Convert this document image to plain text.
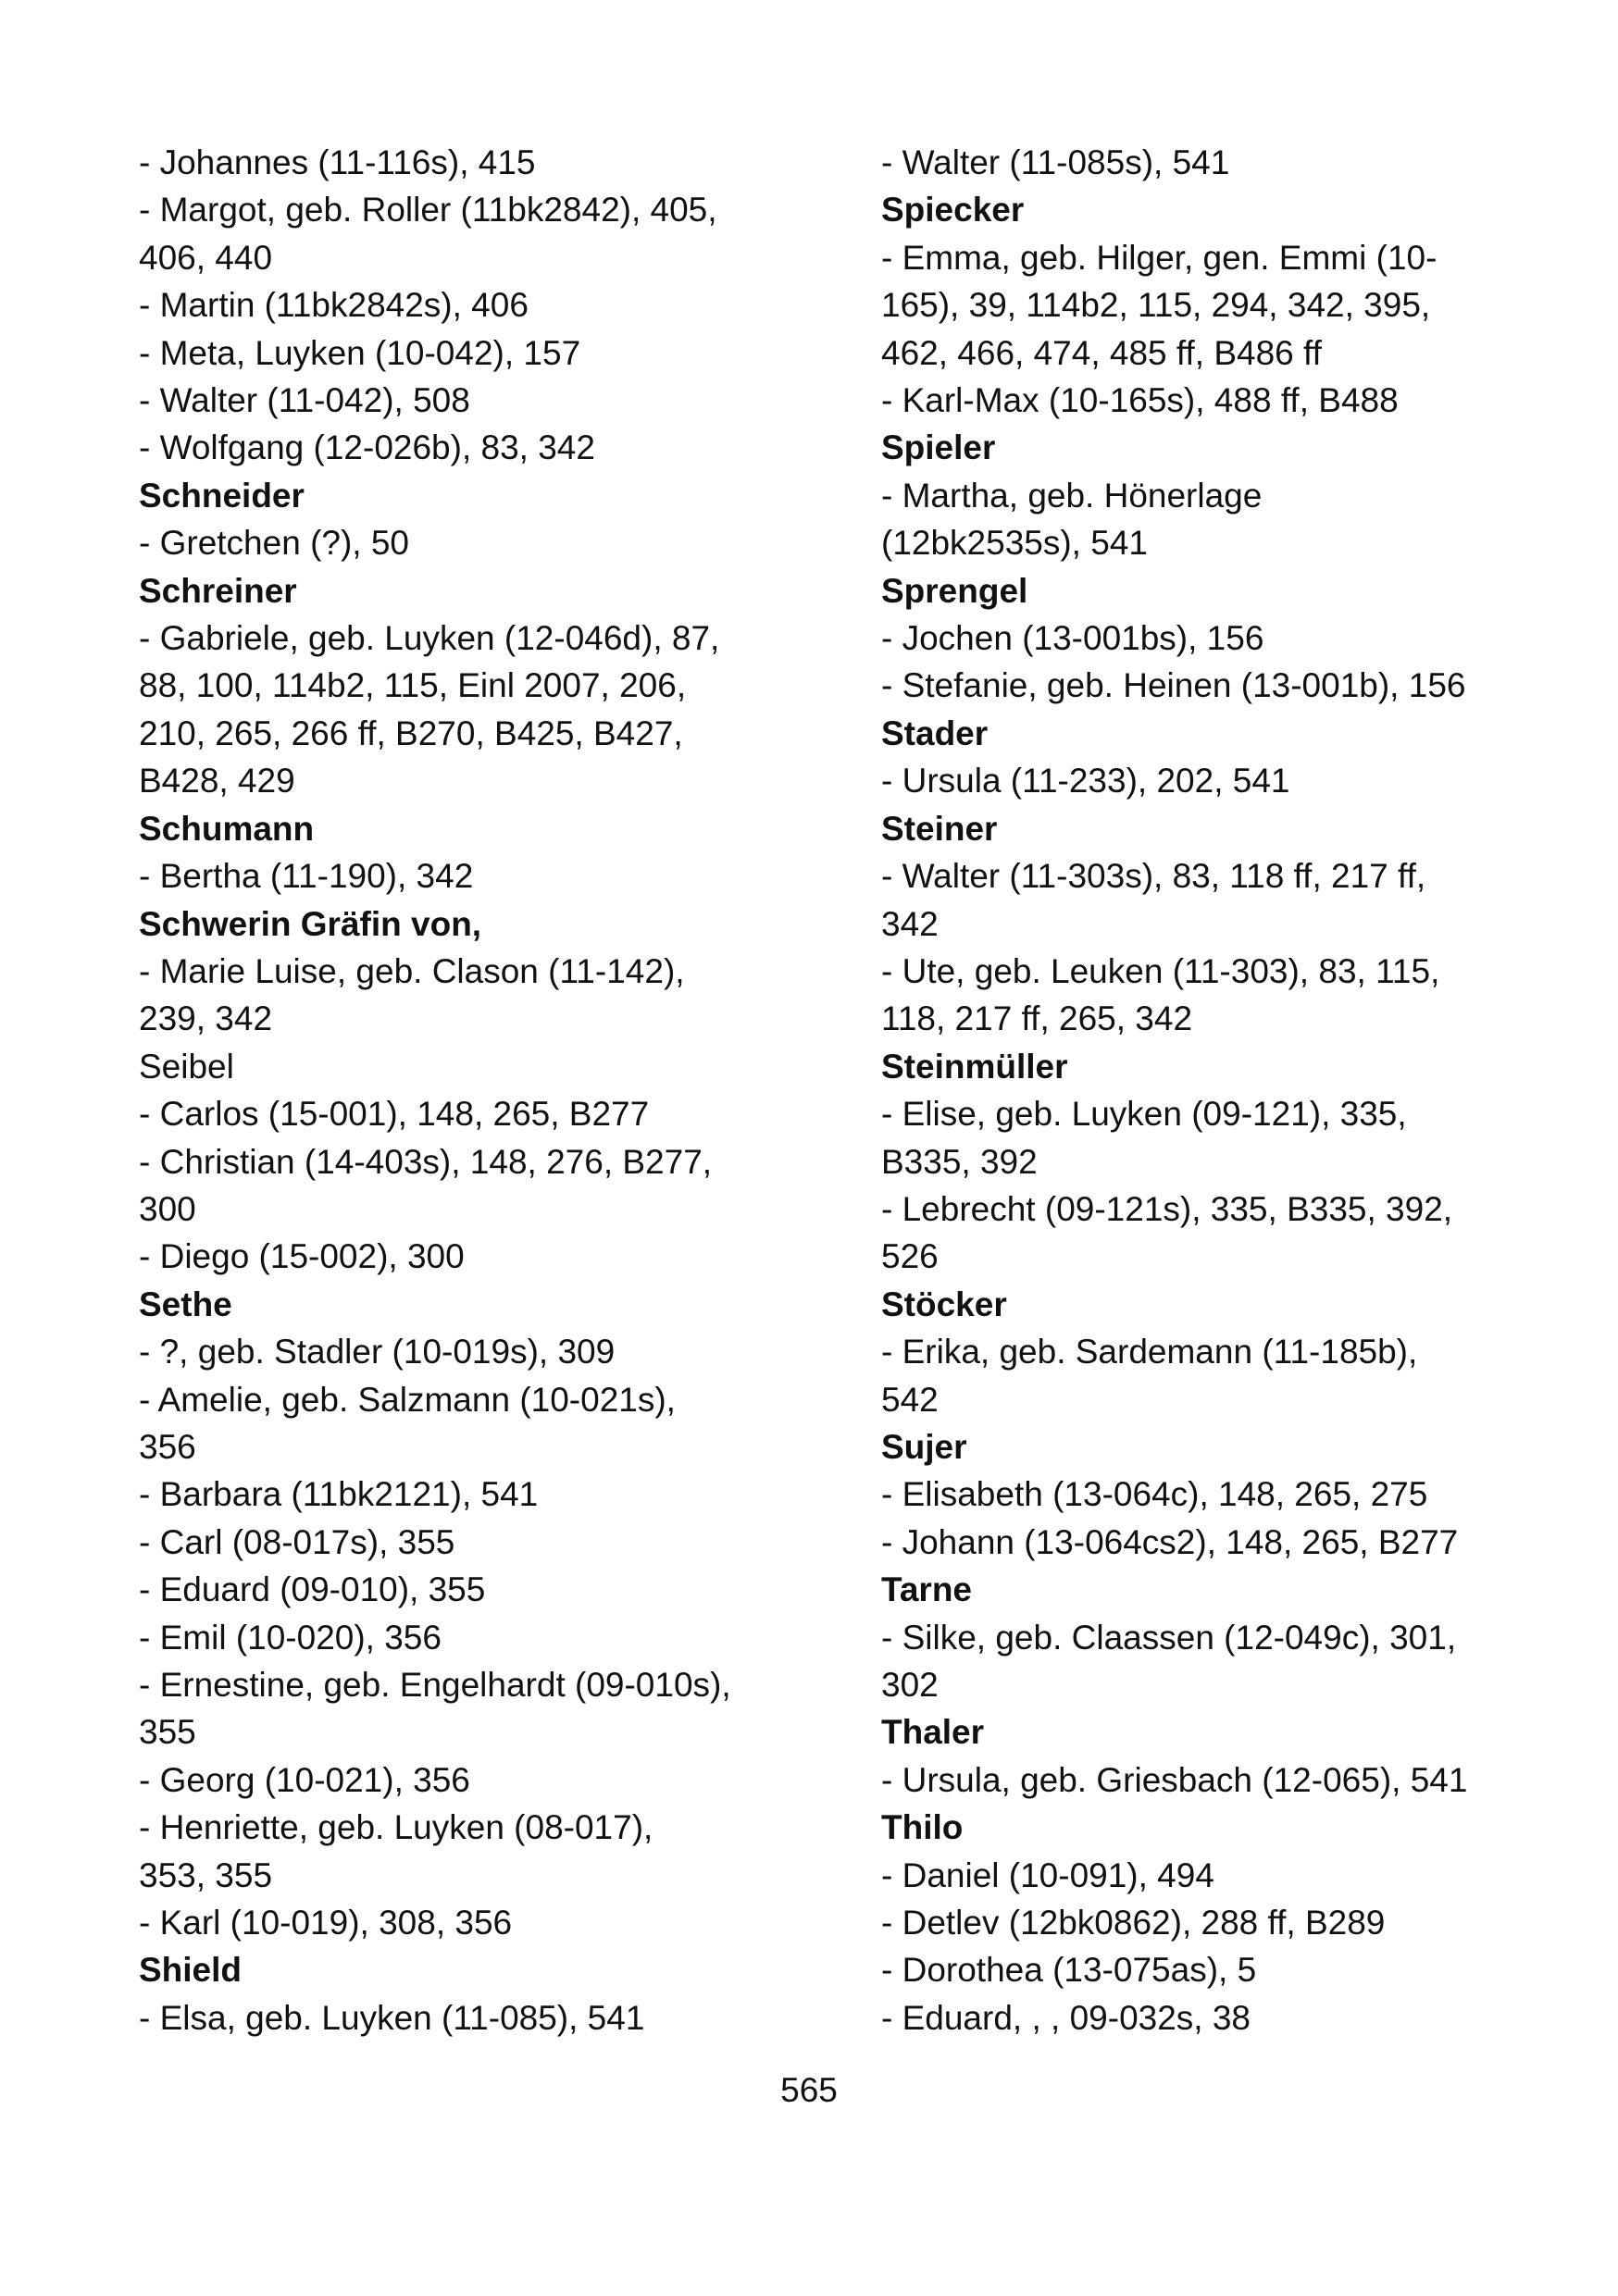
- Johannes (11-116s), 415
- Margot, geb. Roller (11bk2842), 405,
406, 440
- Martin (11bk2842s), 406
- Meta, Luyken (10-042), 157
- Walter (11-042), 508
- Wolfgang (12-026b), 83, 342
Schneider
- Gretchen (?), 50
Schreiner
- Gabriele, geb. Luyken (12-046d), 87,
88, 100, 114b2, 115, Einl 2007, 206,
210, 265, 266 ff, B270, B425, B427,
B428, 429
Schumann
- Bertha (11-190), 342
Schwerin Gräfin von,
- Marie Luise, geb. Clason (11-142),
239, 342
Seibel
- Carlos (15-001), 148, 265, B277
- Christian (14-403s), 148, 276, B277,
300
- Diego (15-002), 300
Sethe
- ?, geb. Stadler (10-019s), 309
- Amelie, geb. Salzmann (10-021s),
356
- Barbara (11bk2121), 541
- Carl (08-017s), 355
- Eduard (09-010), 355
- Emil (10-020), 356
- Ernestine, geb. Engelhardt (09-010s),
355
- Georg (10-021), 356
- Henriette, geb. Luyken (08-017),
353, 355
- Karl (10-019), 308, 356
Shield
- Elsa, geb. Luyken (11-085), 541
- Walter (11-085s), 541
Spiecker
- Emma, geb. Hilger, gen. Emmi (10-
165), 39, 114b2, 115, 294, 342, 395,
462, 466, 474, 485 ff, B486 ff
- Karl-Max (10-165s), 488 ff, B488
Spieler
- Martha, geb. Hönerlage
(12bk2535s), 541
Sprengel
- Jochen (13-001bs), 156
- Stefanie, geb. Heinen (13-001b), 156
Stader
- Ursula (11-233), 202, 541
Steiner
- Walter (11-303s), 83, 118 ff, 217 ff,
342
- Ute, geb. Leuken (11-303), 83, 115,
118, 217 ff, 265, 342
Steinmüller
- Elise, geb. Luyken (09-121), 335,
B335, 392
- Lebrecht (09-121s), 335, B335, 392,
526
Stöcker
- Erika, geb. Sardemann (11-185b),
542
Sujer
- Elisabeth (13-064c), 148, 265, 275
- Johann (13-064cs2), 148, 265, B277
Tarne
- Silke, geb. Claassen (12-049c), 301,
302
Thaler
- Ursula, geb. Griesbach (12-065), 541
Thilo
- Daniel (10-091), 494
- Detlev (12bk0862), 288 ff, B289
- Dorothea (13-075as), 5
- Eduard, , , 09-032s, 38
565
